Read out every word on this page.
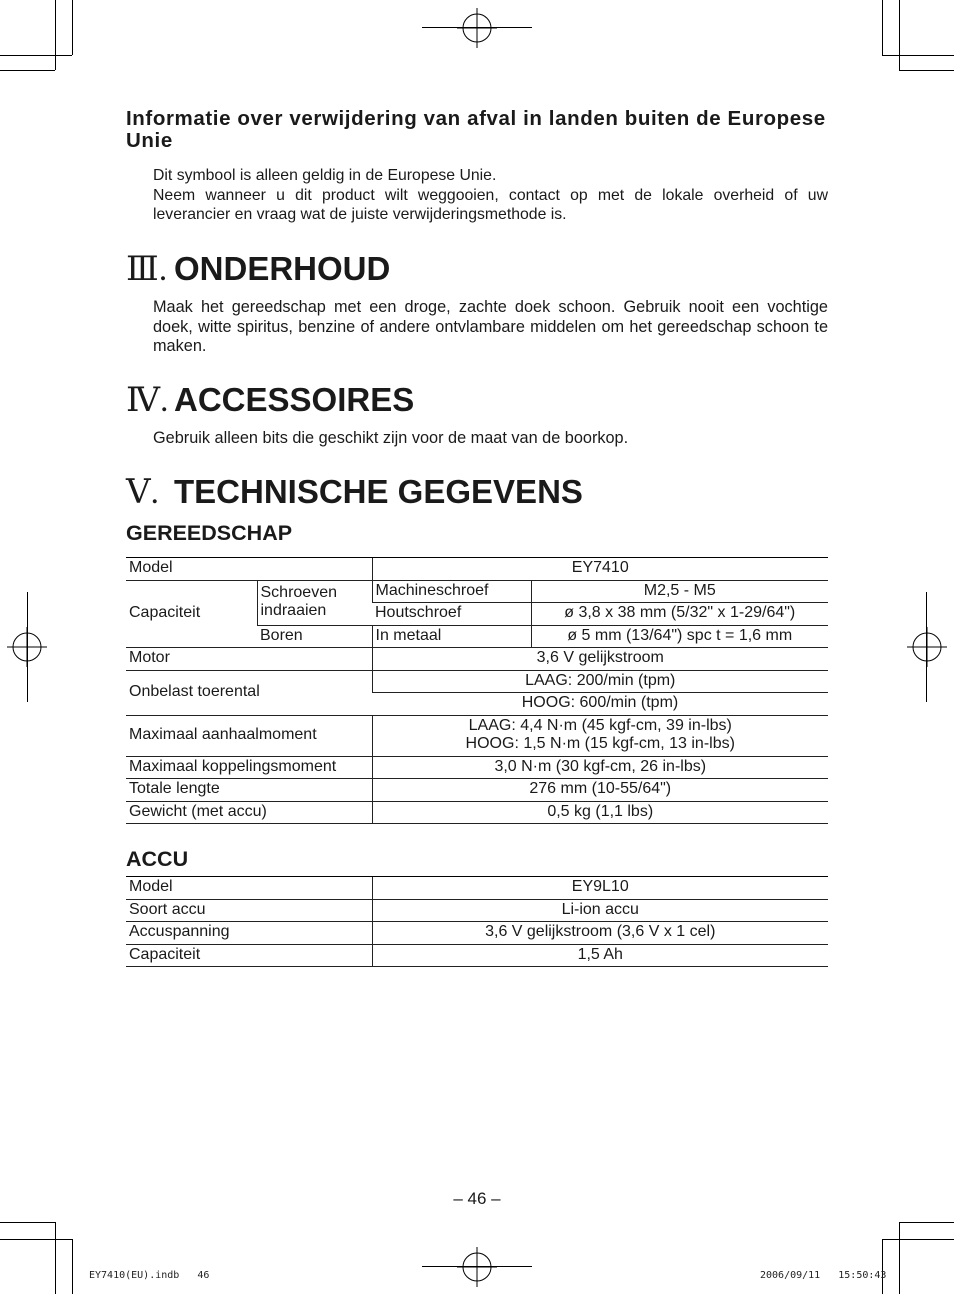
Informatie over verwijdering van afval in landen buiten de Europese Unie
Dit symbool is alleen geldig in de Europese Unie.
Neem wanneer u dit product wilt weggooien, contact op met de lokale overheid of uw leverancier en vraag wat de juiste verwijderingsmethode is.
Ⅲ. ONDERHOUD
Maak het gereedschap met een droge, zachte doek schoon. Gebruik nooit een vochtige doek, witte spiritus, benzine of andere ontvlambare middelen om het gereedschap schoon te maken.
Ⅳ. ACCESSOIRES
Gebruik alleen bits die geschikt zijn voor de maat van de boorkop.
Ⅴ. TECHNISCHE GEGEVENS
GEREEDSCHAP
Model		EY7410	
Capaciteit	Schroeven indraaien	Machineschroef	M2,5 - M5
		Houtschroef	ø 3,8 x 38 mm (5/32" x 1-29/64")
	Boren	In metaal	ø 5 mm (13/64") spc t = 1,6 mm
Motor		3,6 V gelijkstroom	
Onbelast toerental		LAAG: 200/min (tpm)	
		HOOG: 600/min (tpm)	
Maximaal aanhaalmoment		LAAG: 4,4 N·m (45 kgf-cm, 39 in-lbs)
HOOG: 1,5 N·m (15 kgf-cm, 13 in-lbs)	

Maximaal koppelingsmoment		3,0 N·m (30 kgf-cm, 26 in-lbs)	
Totale lengte		276 mm (10-55/64")	
Gewicht (met accu)		0,5 kg (1,1 lbs)	
ACCU
Model	EY9L10
Soort accu	Li-ion accu
Accuspanning	3,6 V gelijkstroom (3,6 V x 1 cel)
Capaciteit	1,5 Ah
– 46 –
EY7410(EU).indb   46	2006/09/11   15:50:43
